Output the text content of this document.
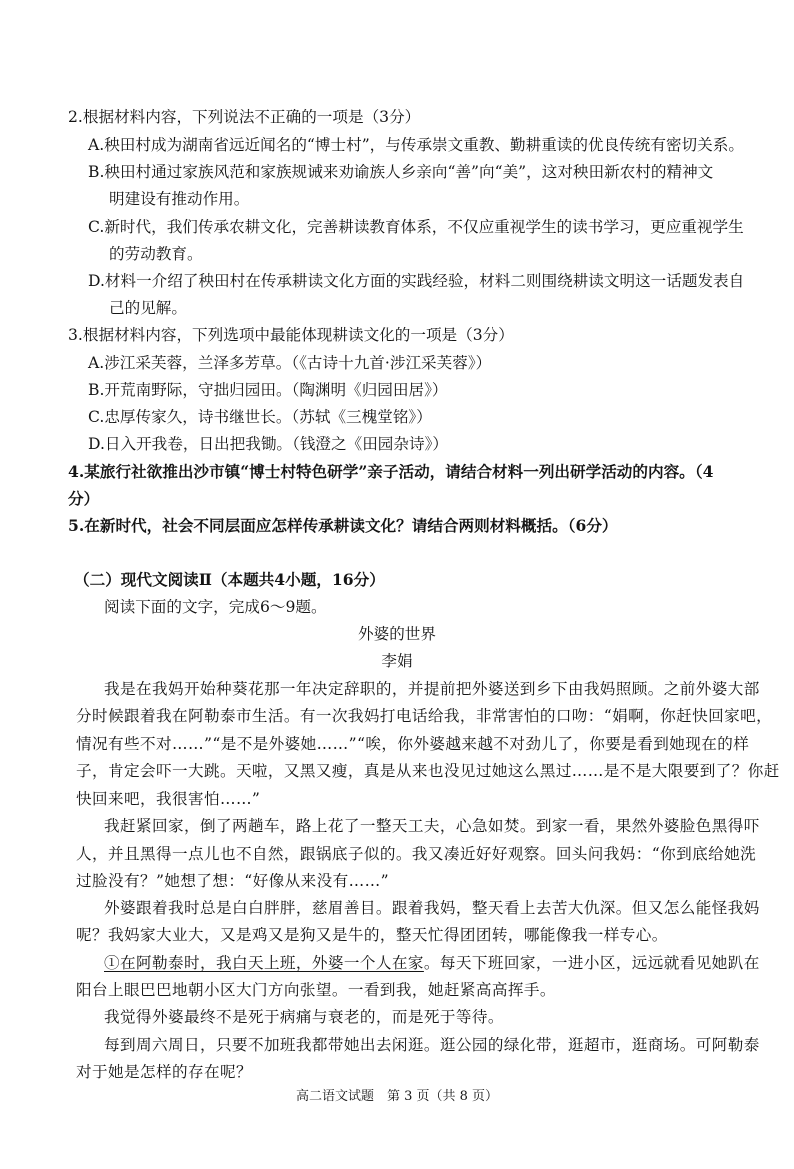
2.根据材料内容，下列说法不正确的一项是（3分）
A.秧田村成为湖南省远近闻名的“博士村”，与传承崇文重教、勤耕重读的优良传统有密切关系。
B.秧田村通过家族风范和家族规诫来劝谕族人乡亲向“善”向“美”，这对秧田新农村的精神文
明建设有推动作用。
C.新时代，我们传承农耕文化，完善耕读教育体系，不仅应重视学生的读书学习，更应重视学生
的劳动教育。
D.材料一介绍了秧田村在传承耕读文化方面的实践经验，材料二则围绕耕读文明这一话题发表自
己的见解。
3.根据材料内容，下列选项中最能体现耕读文化的一项是（3分）
A.涉江采芙蓉，兰泽多芳草。（《古诗十九首·涉江采芙蓉》）
B.开荒南野际，守拙归园田。（陶渊明《归园田居》）
C.忠厚传家久，诗书继世长。（苏轼《三槐堂铭》）
D.日入开我卷，日出把我锄。（钱澄之《田园杂诗》）
4.某旅行社欲推出沙市镇“博士村特色研学”亲子活动，请结合材料一列出研学活动的内容。（4
分）
5.在新时代，社会不同层面应怎样传承耕读文化？请结合两则材料概括。（6分）
（二）现代文阅读Ⅱ（本题共4小题，16分）
阅读下面的文字，完成6～9题。
外婆的世界
李娟
我是在我妈开始种葵花那一年决定辞职的，并提前把外婆送到乡下由我妈照顾。之前外婆大部
分时候跟着我在阿勒泰市生活。有一次我妈打电话给我，非常害怕的口吻：“娟啊，你赶快回家吧，
情况有些不对……”“是不是外婆她……”“唉，你外婆越来越不对劲儿了，你要是看到她现在的样
子，肯定会吓一大跳。天啦，又黑又瘦，真是从来也没见过她这么黑过……是不是大限要到了？你赶
快回来吧，我很害怕……”
我赶紧回家，倒了两趟车，路上花了一整天工夫，心急如焚。到家一看，果然外婆脸色黑得吓
人，并且黑得一点儿也不自然，跟锅底子似的。我又凑近好好观察。回头问我妈：“你到底给她洗
过脸没有？”她想了想：“好像从来没有……”
外婆跟着我时总是白白胖胖，慈眉善目。跟着我妈，整天看上去苦大仇深。但又怎么能怪我妈
呢？我妈家大业大，又是鸡又是狗又是牛的，整天忙得团团转，哪能像我一样专心。
①在阿勒泰时，我白天上班，外婆一个人在家。每天下班回家，一进小区，远远就看见她趴在
阳台上眼巴巴地朝小区大门方向张望。一看到我，她赶紧高高挥手。
我觉得外婆最终不是死于病痛与衰老的，而是死于等待。
每到周六周日，只要不加班我都带她出去闲逛。逛公园的绿化带，逛超市，逛商场。可阿勒泰
对于她是怎样的存在呢？
高二语文试题　第 3 页（共 8 页）
